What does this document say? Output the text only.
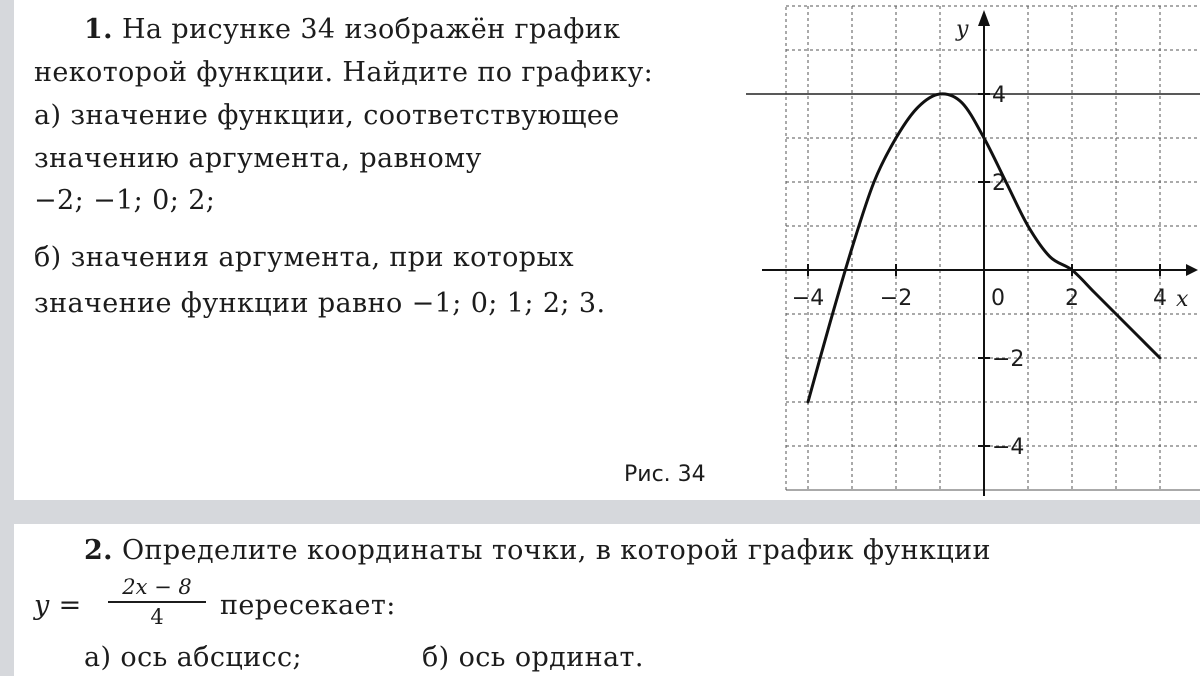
1. На рисунке 34 изображён график
некоторой функции. Найдите по графику:
а) значение функции, соответствующее
значению аргумента, равному
−2; −1; 0; 2;
б) значения аргумента, при которых
значение функции равно −1; 0; 1; 2; 3.
Рис. 34
−4	−2	0	2	4
4
2
−2
−4
x
y
2. Определите координаты точки, в которой график функции
$y = \frac{2x - 8}{4}$ пересекает:
а) ось абсцисс;	б) ось ординат.
